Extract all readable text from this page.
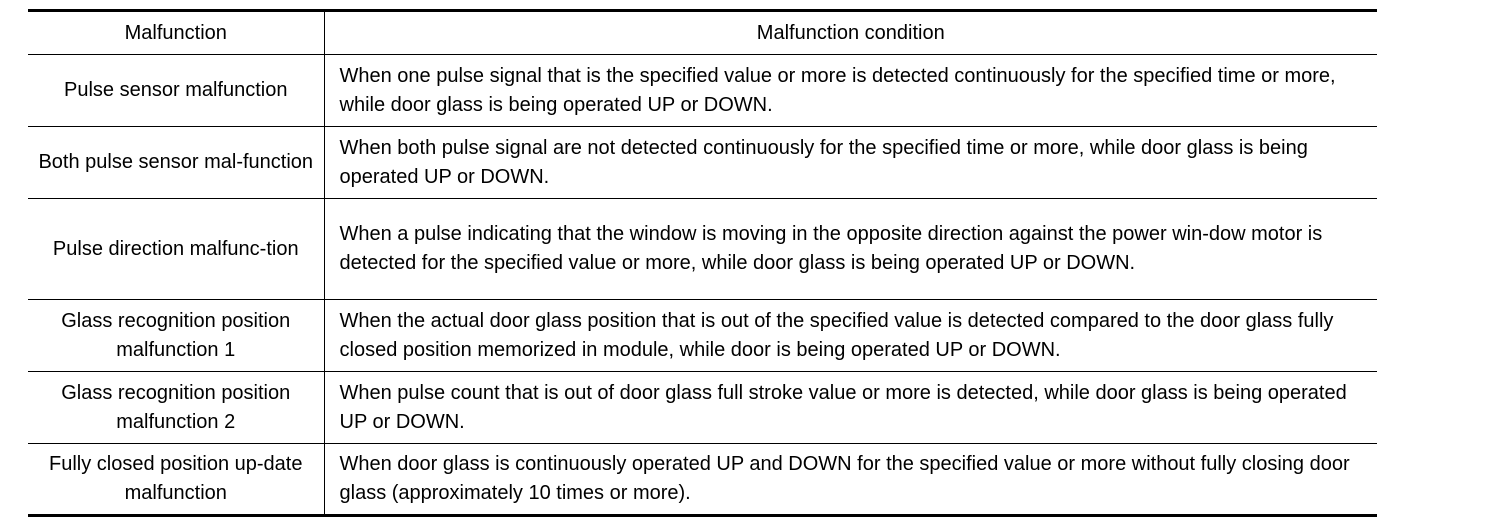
Malfunction	Malfunction condition
Pulse sensor malfunction	When one pulse signal that is the specified value or more is detected continuously for the specified time or more, while door glass is being operated UP or DOWN.
Both pulse sensor mal-function	When both pulse signal are not detected continuously for the specified time or more, while door glass is being operated UP or DOWN.
Pulse direction malfunc-tion	When a pulse indicating that the window is moving in the opposite direction against the power win-dow motor is detected for the specified value or more, while door glass is being operated UP or DOWN.
Glass recognition position malfunction 1	When the actual door glass position that is out of the specified value is detected compared to the door glass fully closed position memorized in module, while door is being operated UP or DOWN.
Glass recognition position malfunction 2	When pulse count that is out of door glass full stroke value or more is detected, while door glass is being operated UP or DOWN.
Fully closed position up-date malfunction	When door glass is continuously operated UP and DOWN for the specified value or more without fully closing door glass (approximately 10 times or more).
